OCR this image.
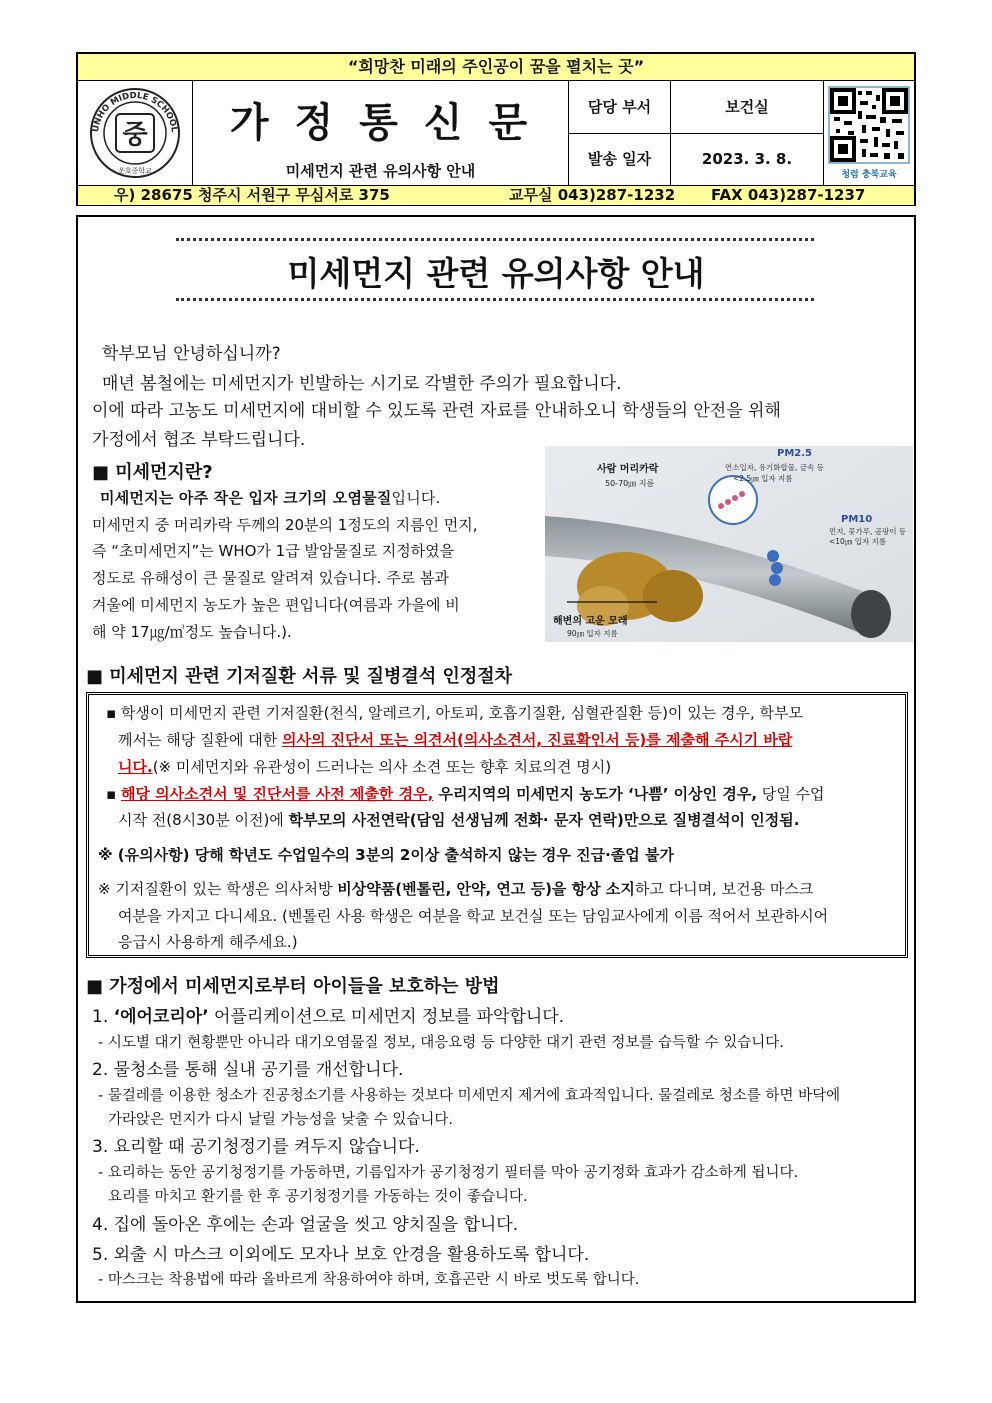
“희망찬 미래의 주인공이 꿈을 펼치는 곳”
UNHO MIDDLE SCHOOL
중
운호중학교
가정통신문
미세먼지 관련 유의사항 안내
담당 부서
발송 일자
보건실
2023. 3. 8.
청렴 충북교육
우) 28675 청주시 서원구 무심서로 375	교무실 043)287-1232 FAX 043)287-1237
미세먼지 관련 유의사항 안내
학부모님 안녕하십니까?
매년 봄철에는 미세먼지가 빈발하는 시기로 각별한 주의가 필요합니다.
이에 따라 고농도 미세먼지에 대비할 수 있도록 관련 자료를 안내하오니 학생들의 안전을 위해
가정에서 협조 부탁드립니다.
■ 미세먼지란?
미세먼지는 아주 작은 입자 크기의 오염물질입니다.
미세먼지 중 머리카락 두께의 20분의 1정도의 지름인 먼지,
즉 “초미세먼지”는 WHO가 1급 발암물질로 지정하였을
정도로 유해성이 큰 물질로 알려져 있습니다. 주로 봄과
겨울에 미세먼지 농도가 높은 편입니다(여름과 가을에 비
해 약 17㎍/㎥정도 높습니다.).
사람 머리카락
50-70㎛ 지름
PM2.5
연소입자, 유기화합물, 금속 등
<2.5㎛ 입자 지름
PM10
먼지, 꽃가루, 곰팡이 등
<10㎛ 입자 지름
해변의 고운 모래
90㎛ 입자 지름
■ 미세먼지 관련 기저질환 서류 및 질병결석 인정절차
▪ 학생이 미세먼지 관련 기저질환(천식, 알레르기, 아토피, 호흡기질환, 심혈관질환 등)이 있는 경우, 학부모
께서는 해당 질환에 대한 의사의 진단서 또는 의견서(의사소견서, 진료확인서 등)를 제출해 주시기 바랍
니다.(※ 미세먼지와 유관성이 드러나는 의사 소견 또는 향후 치료의견 명시)
▪ 해당 의사소견서 및 진단서를 사전 제출한 경우, 우리지역의 미세먼지 농도가 ‘나쁨’ 이상인 경우, 당일 수업
시작 전(8시30분 이전)에 학부모의 사전연락(담임 선생님께 전화· 문자 연락)만으로 질병결석이 인정됨.
※ (유의사항) 당해 학년도 수업일수의 3분의 2이상 출석하지 않는 경우 진급·졸업 불가
※ 기저질환이 있는 학생은 의사처방 비상약품(벤톨린, 안약, 연고 등)을 항상 소지하고 다니며, 보건용 마스크
여분을 가지고 다니세요. (벤톨린 사용 학생은 여분을 학교 보건실 또는 담임교사에게 이름 적어서 보관하시어
응급시 사용하게 해주세요.)
■ 가정에서 미세먼지로부터 아이들을 보호하는 방법
1. ‘에어코리아’ 어플리케이션으로 미세먼지 정보를 파악합니다.
- 시도별 대기 현황뿐만 아니라 대기오염물질 정보, 대응요령 등 다양한 대기 관련 정보를 습득할 수 있습니다.
2. 물청소를 통해 실내 공기를 개선합니다.
- 물걸레를 이용한 청소가 진공청소기를 사용하는 것보다 미세먼지 제거에 효과적입니다. 물걸레로 청소를 하면 바닥에
가라앉은 먼지가 다시 날릴 가능성을 낮출 수 있습니다.
3. 요리할 때 공기청정기를 켜두지 않습니다.
- 요리하는 동안 공기청정기를 가동하면, 기름입자가 공기청정기 필터를 막아 공기정화 효과가 감소하게 됩니다.
요리를 마치고 환기를 한 후 공기청정기를 가동하는 것이 좋습니다.
4. 집에 돌아온 후에는 손과 얼굴을 씻고 양치질을 합니다.
5. 외출 시 마스크 이외에도 모자나 보호 안경을 활용하도록 합니다.
- 마스크는 착용법에 따라 올바르게 착용하여야 하며, 호흡곤란 시 바로 벗도록 합니다.
